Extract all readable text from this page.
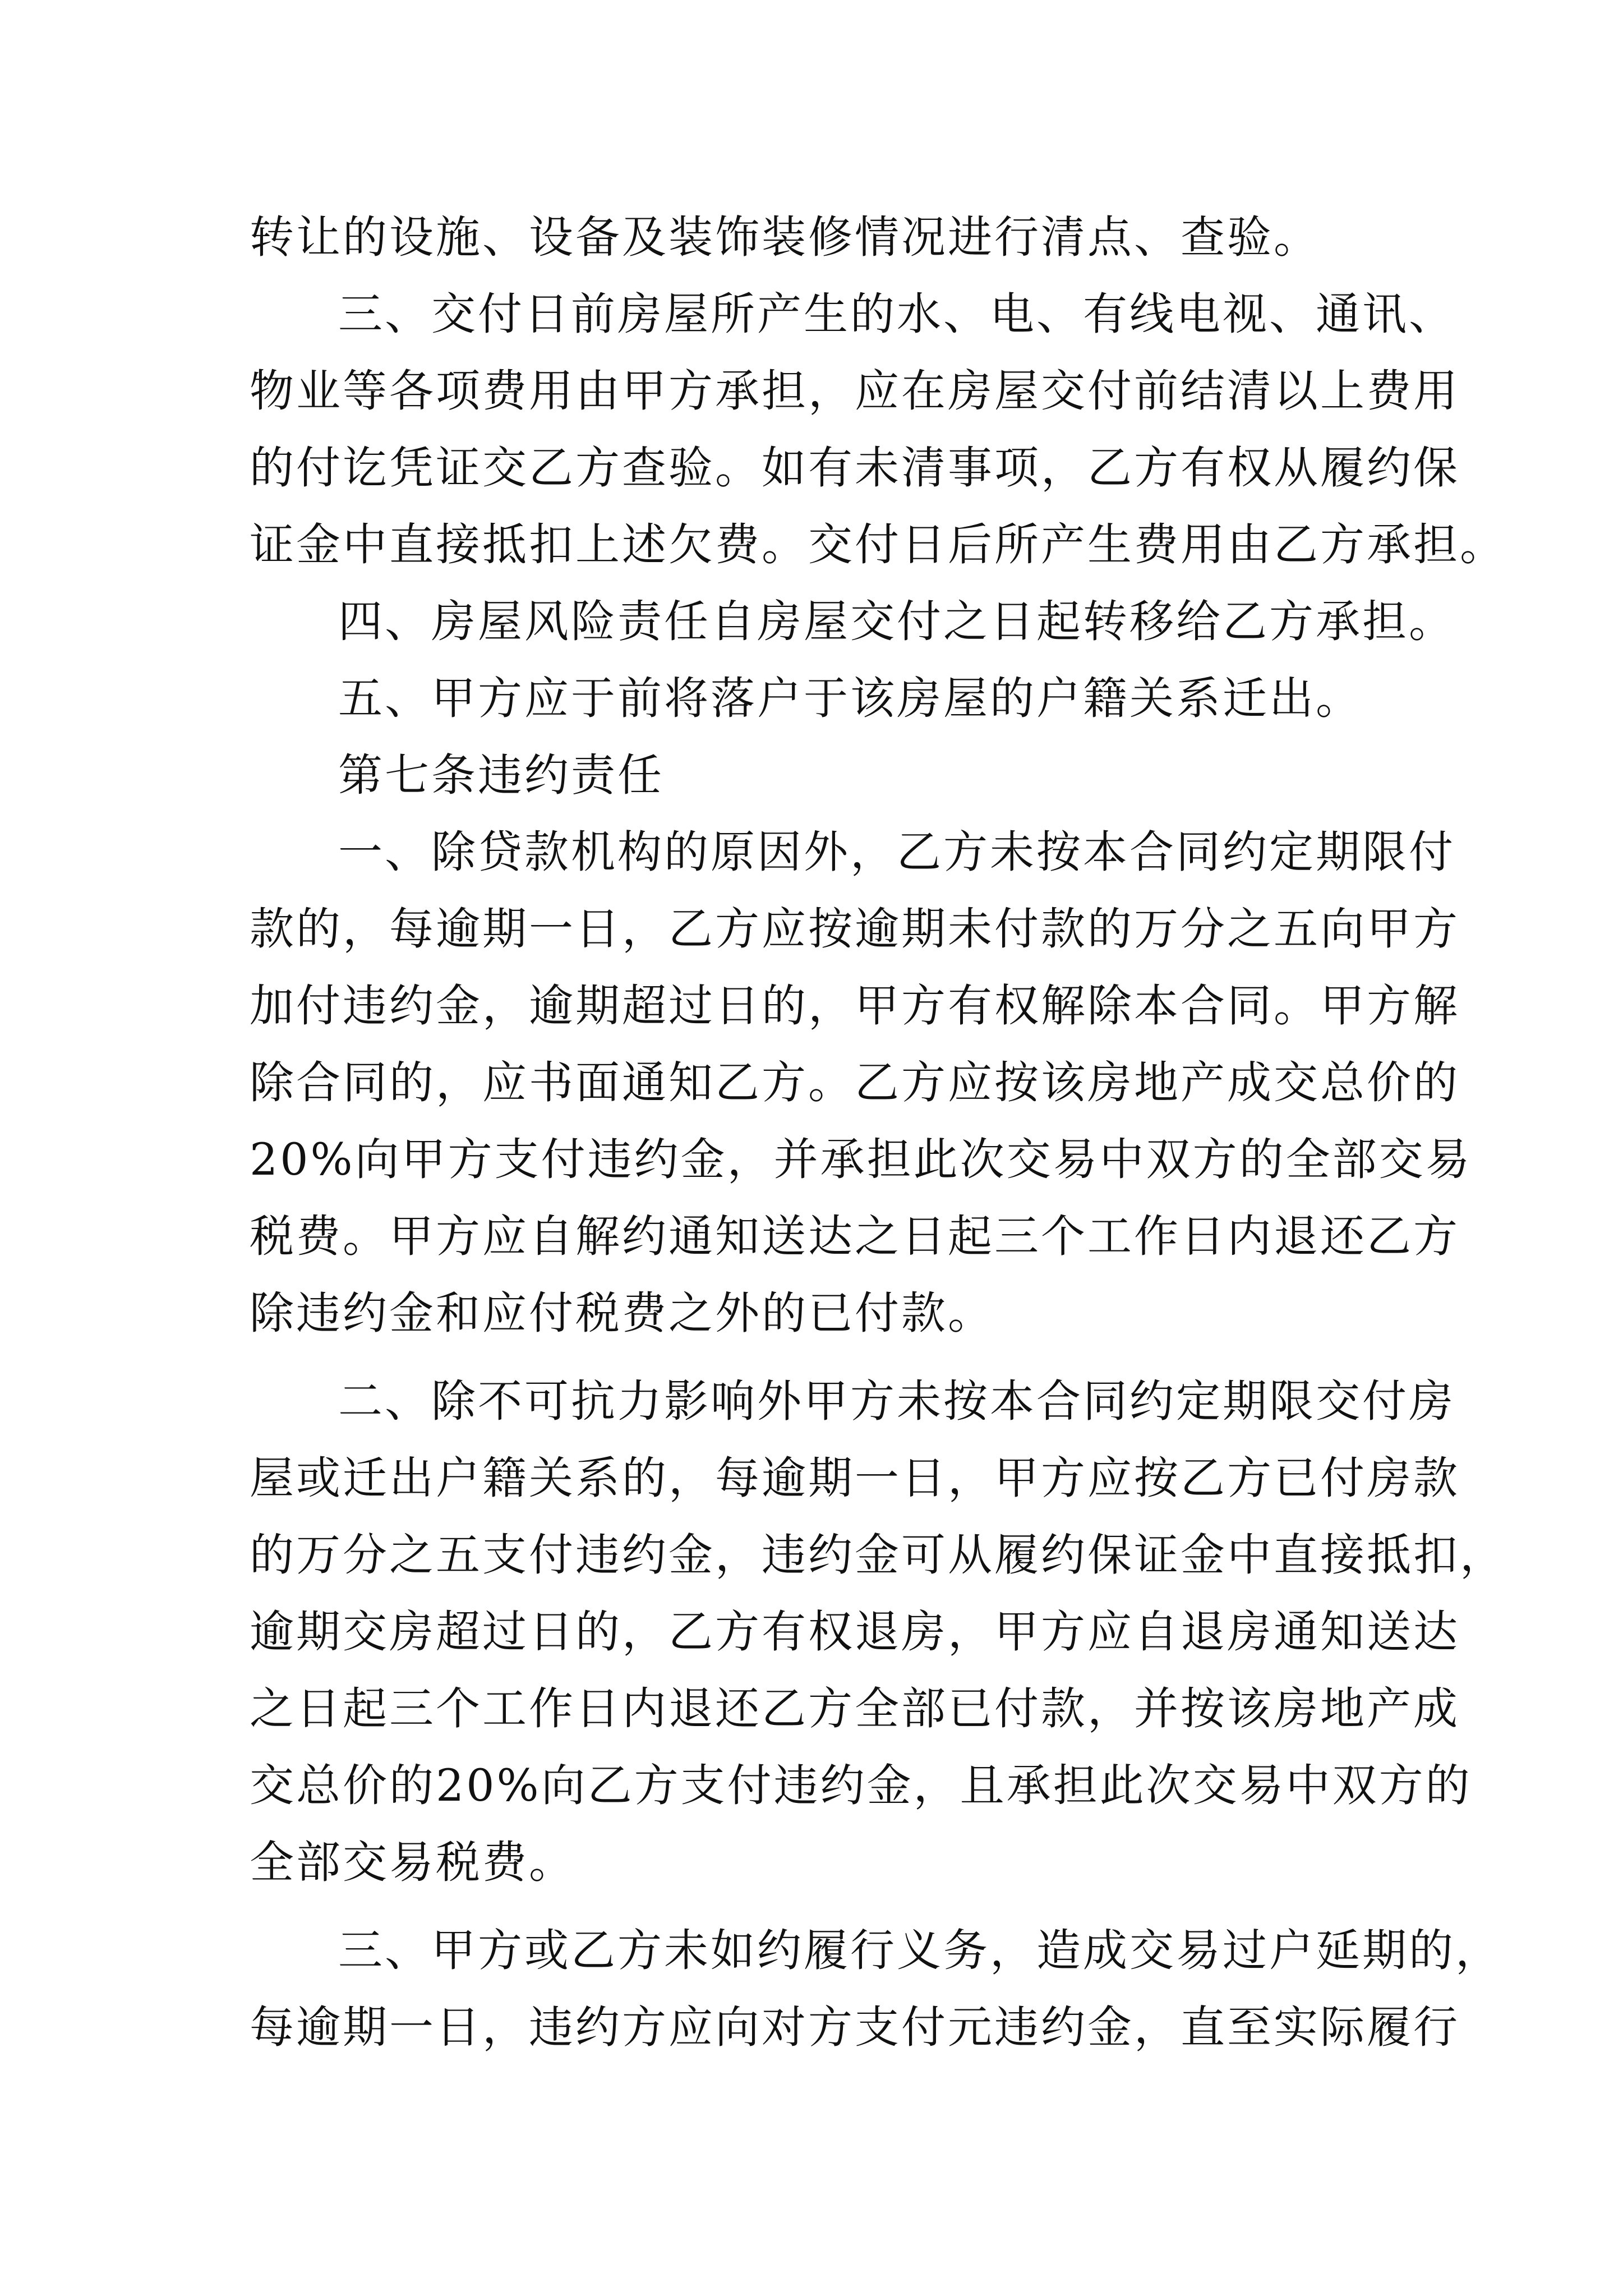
转让的设施、设备及装饰装修情况进行清点、查验。
三、交付日前房屋所产生的水、电、有线电视、通讯、
物业等各项费用由甲方承担，应在房屋交付前结清以上费用
的付讫凭证交乙方查验。如有未清事项，乙方有权从履约保
证金中直接抵扣上述欠费。交付日后所产生费用由乙方承担。
四、房屋风险责任自房屋交付之日起转移给乙方承担。
五、甲方应于前将落户于该房屋的户籍关系迁出。
第七条违约责任
一、除贷款机构的原因外，乙方未按本合同约定期限付
款的，每逾期一日，乙方应按逾期未付款的万分之五向甲方
加付违约金，逾期超过日的，甲方有权解除本合同。甲方解
除合同的，应书面通知乙方。乙方应按该房地产成交总价的
20%向甲方支付违约金，并承担此次交易中双方的全部交易
税费。甲方应自解约通知送达之日起三个工作日内退还乙方
除违约金和应付税费之外的已付款。
二、除不可抗力影响外甲方未按本合同约定期限交付房
屋或迁出户籍关系的，每逾期一日，甲方应按乙方已付房款
的万分之五支付违约金，违约金可从履约保证金中直接抵扣，
逾期交房超过日的，乙方有权退房，甲方应自退房通知送达
之日起三个工作日内退还乙方全部已付款，并按该房地产成
交总价的20%向乙方支付违约金，且承担此次交易中双方的
全部交易税费。
三、甲方或乙方未如约履行义务，造成交易过户延期的，
每逾期一日，违约方应向对方支付元违约金，直至实际履行
